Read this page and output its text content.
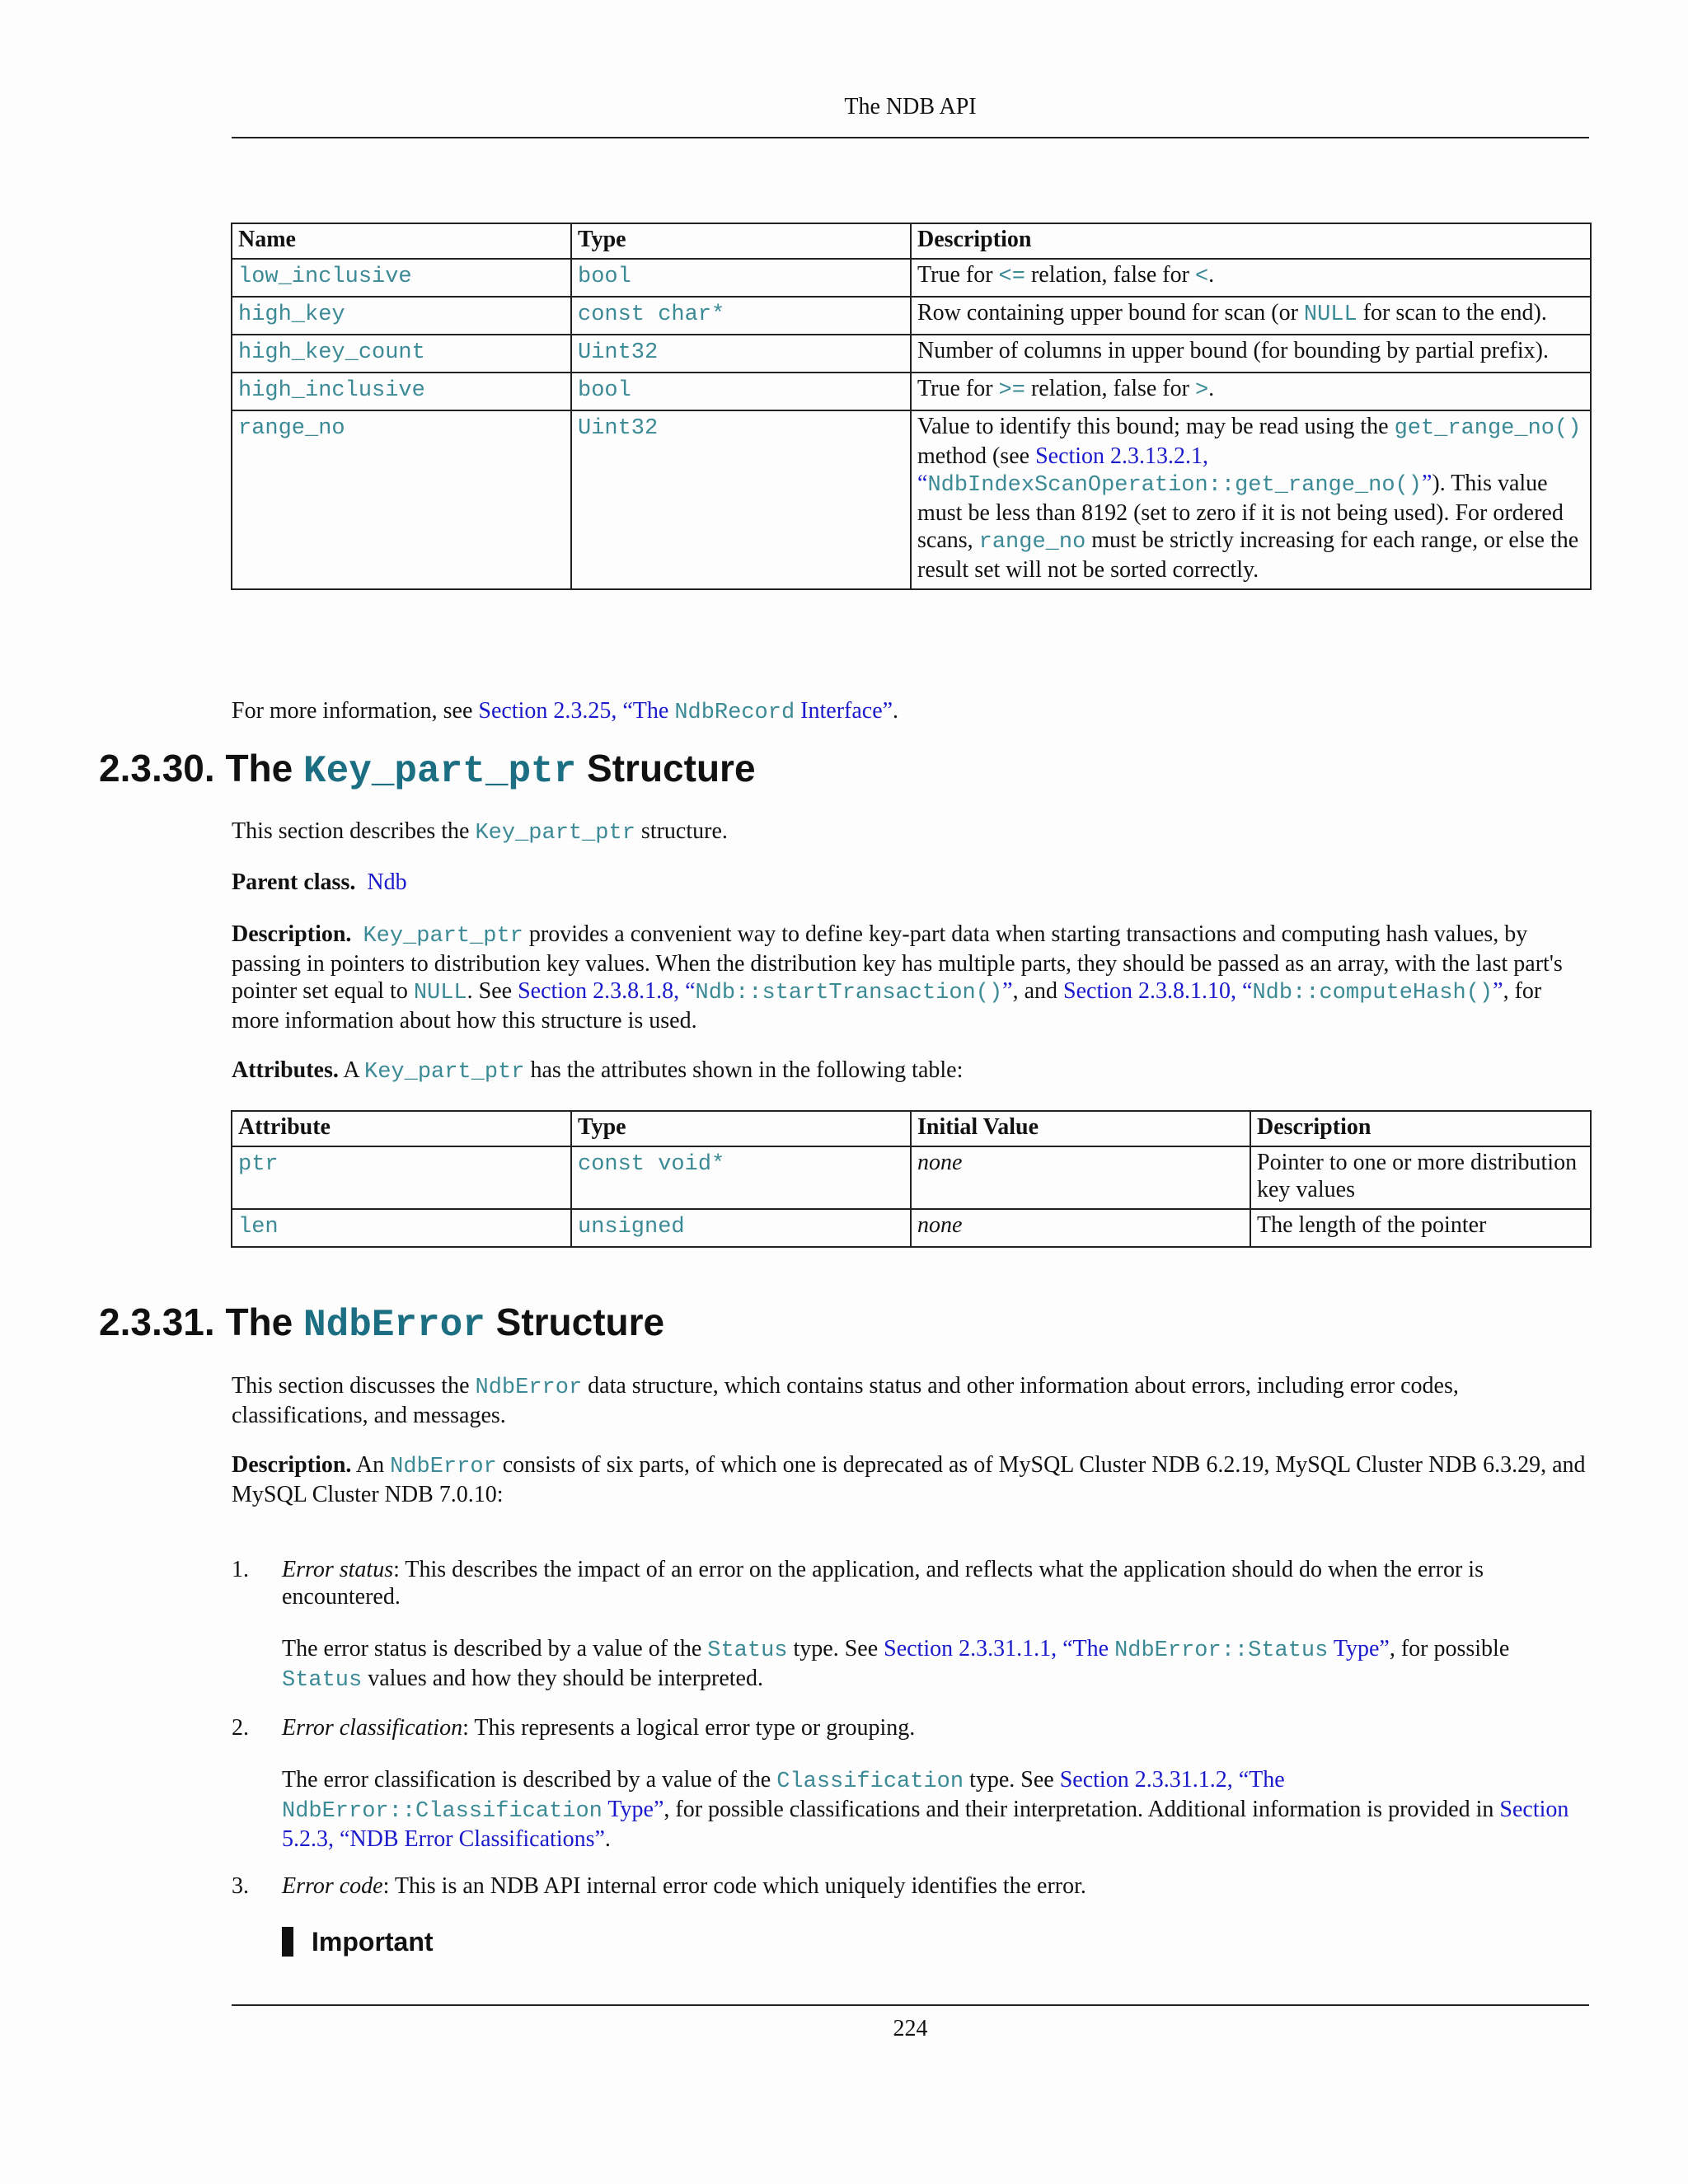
The NDB API
Name	Type	Description
low_inclusive	bool	True for <= relation, false for <.
high_key	const char*	Row containing upper bound for scan (or NULL for scan to the end).
high_key_count	Uint32	Number of columns in upper bound (for bounding by partial prefix).
high_inclusive	bool	True for >= relation, false for >.
range_no	Uint32	Value to identify this bound; may be read using the get_range_no() method (see Section 2.3.13.2.1, “NdbIndexScanOperation::get_range_no()”). This value must be less than 8192 (set to zero if it is not being used). For ordered scans, range_no must be strictly increasing for each range, or else the result set will not be sorted correctly.

For more information, see Section 2.3.25, “The NdbRecord Interface”.

2.3.30. The Key_part_ptr Structure

This section describes the Key_part_ptr structure.

Parent class. Ndb

Description. Key_part_ptr provides a convenient way to define key-part data when starting transactions and computing hash values, by passing in pointers to distribution key values. When the distribution key has multiple parts, they should be passed as an array, with the last part's pointer set equal to NULL. See Section 2.3.8.1.8, “Ndb::startTransaction()”, and Section 2.3.8.1.10, “Ndb::computeHash()”, for more information about how this structure is used.

Attributes. A Key_part_ptr has the attributes shown in the following table:

Attribute	Type	Initial Value	Description
ptr	const void*	none	Pointer to one or more distribution key values
len	unsigned	none	The length of the pointer
2.3.31. The NdbError Structure

This section discusses the NdbError data structure, which contains status and other information about errors, including error codes, classifications, and messages.

Description. An NdbError consists of six parts, of which one is deprecated as of MySQL Cluster NDB 6.2.19, MySQL Cluster NDB 6.3.29, and MySQL Cluster NDB 7.0.10:

1. Error status: This describes the impact of an error on the application, and reflects what the application should do when the error is encountered.

The error status is described by a value of the Status type. See Section 2.3.31.1.1, “The NdbError::Status Type”, for possible Status values and how they should be interpreted.

2. Error classification: This represents a logical error type or grouping.

The error classification is described by a value of the Classification type. See Section 2.3.31.1.2, “The NdbError::Classification Type”, for possible classifications and their interpretation. Additional information is provided in Section 5.2.3, “NDB Error Classifications”.

3. Error code: This is an NDB API internal error code which uniquely identifies the error.

Important
224
